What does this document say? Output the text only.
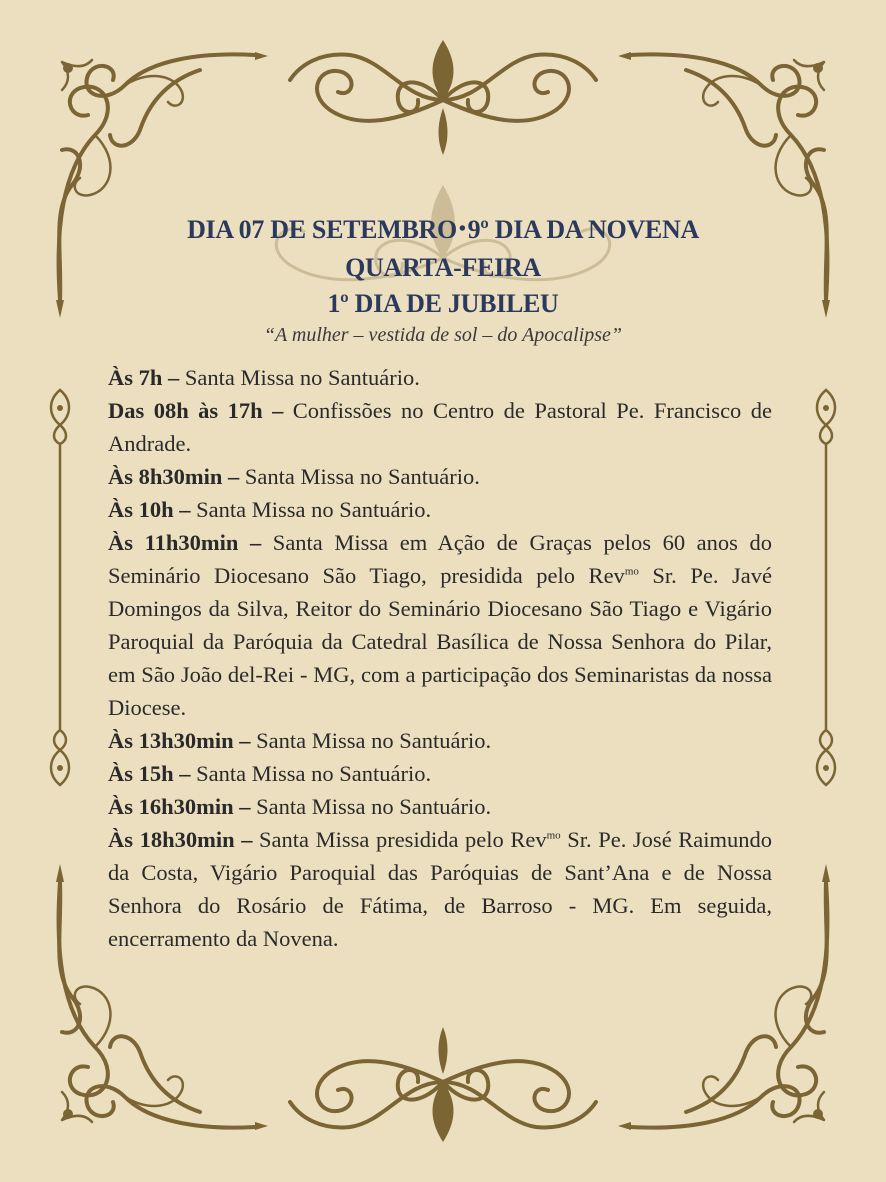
DIA 07 DE SETEMBRO •9º DIA DA NOVENA
QUARTA-FEIRA
1º DIA DE JUBILEU
“A mulher – vestida de sol – do Apocalipse”

Às 7h – Santa Missa no Santuário.

Das 08h às 17h – Confissões no Centro de Pastoral Pe. Francisco de Andrade.

Às 8h30min – Santa Missa no Santuário.

Às 10h – Santa Missa no Santuário.

Às 11h30min – Santa Missa em Ação de Graças pelos 60 anos do Seminário Diocesano São Tiago, presidida pelo Rev$^{mo}$ Sr. Pe. Javé Domingos da Silva, Reitor do Seminário Diocesano São Tiago e Vigário Paroquial da Paróquia da Catedral Basílica de Nossa Senhora do Pilar, em São João del-Rei - MG, com a participação dos Seminaristas da nossa Diocese.

Às 13h30min – Santa Missa no Santuário.

Às 15h – Santa Missa no Santuário.

Às 16h30min – Santa Missa no Santuário.

Às 18h30min – Santa Missa presidida pelo Rev$^{mo}$ Sr. Pe. José Raimundo da Costa, Vigário Paroquial das Paróquias de Sant’Ana e de Nossa Senhora do Rosário de Fátima, de Barroso - MG. Em seguida, encerramento da Novena.
